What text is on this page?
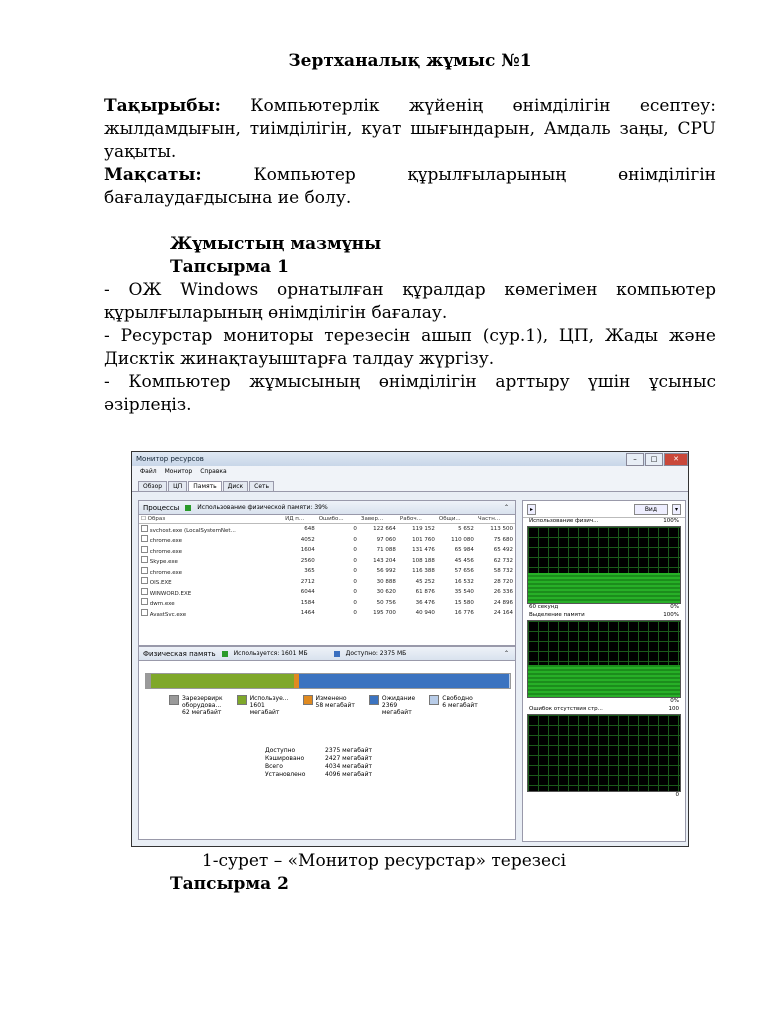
Зертханалық жұмыс №1

Тақырыбы: Компьютерлік жүйенің өнімділігін есептеу: жылдамдығын, тиімділігін, куат шығындарын, Амдаль заңы, CPU уақыты.

Мақсаты: Компьютер құрылғыларының өнімділігін бағалаудағдысына ие болу.

Жұмыстың мазмұны

Тапсырма 1

- ОЖ Windows орнатылған құралдар көмегімен компьютер құрылғыларының өнімділігін бағалау.

- Ресурстар мониторы терезесін ашып (сур.1), ЦП, Жады және Дисктік жинақтауыштарға талдау жүргізу.

- Компьютер жұмысының өнімділігін арттыру үшін ұсыныс әзірлеңіз.

Монитор ресурсов	–	□	✕
Файл Монитор Справка
Обзор	ЦП	Память	Диск	Сеть
Процессы	Использование физической памяти: 39%	⌃
☐ Образ	ИД п...	Ошибо...	Завер...	Рабоч...	Общи...	Частн...
svchost.exe (LocalSystemNet...	648	0	122 664	119 152	5 652	113 500
chrome.exe	4052	0	97 060	101 760	110 080	75 680
chrome.exe	1604	0	71 088	131 476	65 984	65 492
Skype.exe	2560	0	143 204	108 188	45 456	62 732
chrome.exe	365	0	56 992	116 388	57 656	58 732
OIS.EXE	2712	0	30 888	45 252	16 532	28 720
WINWORD.EXE	6044	0	30 620	61 876	35 540	26 336
dwm.exe	1584	0	50 756	36 476	15 580	24 896
AvastSvc.exe	1464	0	195 700	40 940	16 776	24 164
Физическая память	Используется: 1601 МБ	Доступно: 2375 МБ	⌃
Зарезервирк
оборудова...
62 мегабайт
Используе...
1601
мегабайт
Изменено
58 мегабайт
Ожидание
2369
мегабайт
Свободно
6 мегабайт
Доступно	2375 мегабайт
Кэшировано	2427 мегабайт
Всего	4034 мегабайт
Установлено	4096 мегабайт
▸	Вид	▾
Использование физич...	100%
60 секунд	0%
Выделение памяти	100%
0%
Ошибок отсутствия стр...	100
0
1-сурет – «Монитор ресурстар» терезесі
Тапсырма 2
